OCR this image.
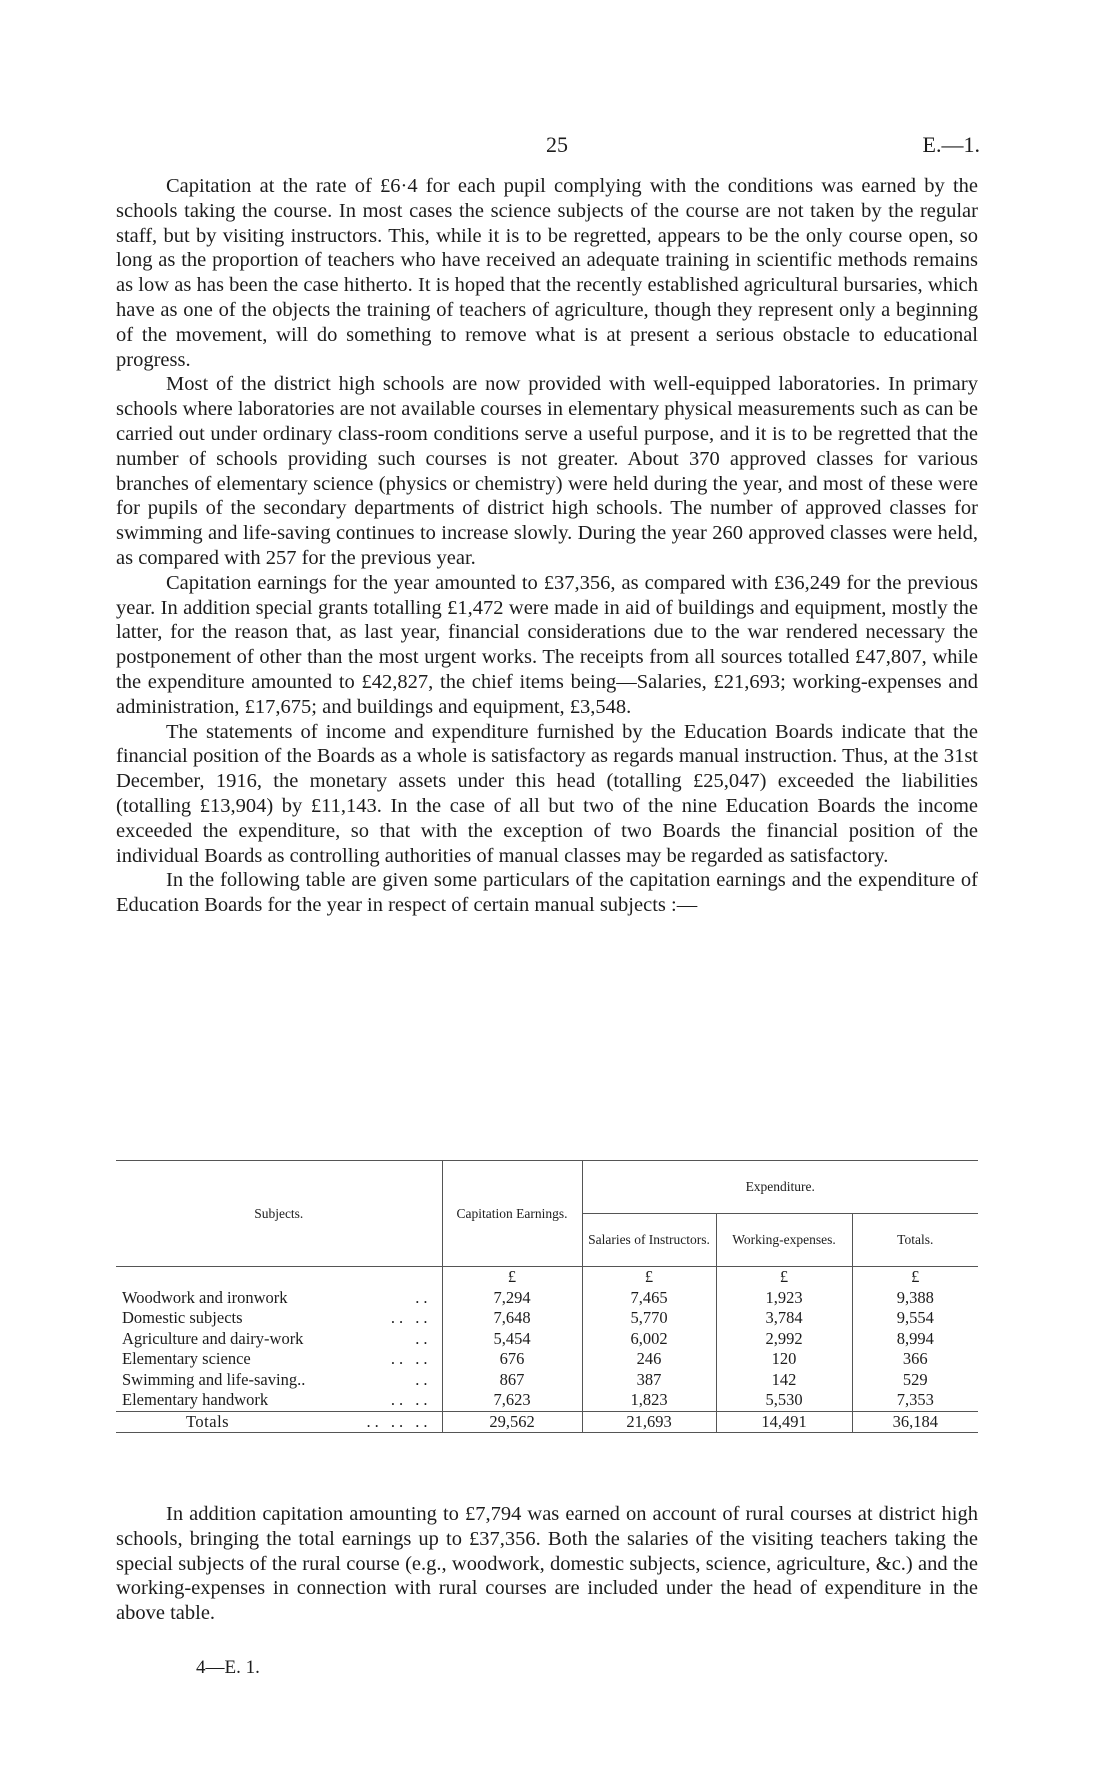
25	E.—1.

Capitation at the rate of £6·4 for each pupil complying with the conditions was earned by the schools taking the course. In most cases the science subjects of the course are not taken by the regular staff, but by visiting instructors. This, while it is to be regretted, appears to be the only course open, so long as the proportion of teachers who have received an adequate training in scientific methods remains as low as has been the case hitherto. It is hoped that the recently established agricultural bursaries, which have as one of the objects the training of teachers of agriculture, though they represent only a beginning of the movement, will do something to remove what is at present a serious obstacle to educational progress.

Most of the district high schools are now provided with well-equipped laboratories. In primary schools where laboratories are not available courses in elementary physical measurements such as can be carried out under ordinary class-room conditions serve a useful purpose, and it is to be regretted that the number of schools providing such courses is not greater. About 370 approved classes for various branches of elementary science (physics or chemistry) were held during the year, and most of these were for pupils of the secondary departments of district high schools. The number of approved classes for swimming and life-saving continues to increase slowly. During the year 260 approved classes were held, as compared with 257 for the previous year.

Capitation earnings for the year amounted to £37,356, as compared with £36,249 for the previous year. In addition special grants totalling £1,472 were made in aid of buildings and equipment, mostly the latter, for the reason that, as last year, financial considerations due to the war rendered necessary the postponement of other than the most urgent works. The receipts from all sources totalled £47,807, while the expenditure amounted to £42,827, the chief items being—Salaries, £21,693; working-expenses and administration, £17,675; and buildings and equipment, £3,548.

The statements of income and expenditure furnished by the Education Boards indicate that the financial position of the Boards as a whole is satisfactory as regards manual instruction. Thus, at the 31st December, 1916, the monetary assets under this head (totalling £25,047) exceeded the liabilities (totalling £13,904) by £11,143. In the case of all but two of the nine Education Boards the income exceeded the expenditure, so that with the exception of two Boards the financial position of the individual Boards as controlling authorities of manual classes may be regarded as satisfactory.

In the following table are given some particulars of the capitation earnings and the expenditure of Education Boards for the year in respect of certain manual subjects :—

Subjects.	Capitation Earnings.	Expenditure.		
		Salaries of Instructors.	Working-expenses.	Totals.
	£	£	£	£
Woodwork and ironwork ..	7,294	7,465	1,923	9,388
Domestic subjects .. ..	7,648	5,770	3,784	9,554
Agriculture and dairy-work ..	5,454	6,002	2,992	8,994
Elementary science .. ..	676	246	120	366
Swimming and life-saving.. ..	867	387	142	529
Elementary handwork .. ..	7,623	1,823	5,530	7,353
Totals .. .. ..	29,562	21,693	14,491	36,184

In addition capitation amounting to £7,794 was earned on account of rural courses at district high schools, bringing the total earnings up to £37,356. Both the salaries of the visiting teachers taking the special subjects of the rural course (e.g., woodwork, domestic subjects, science, agriculture, &c.) and the working-expenses in connection with rural courses are included under the head of expenditure in the above table.

4—E. 1.
